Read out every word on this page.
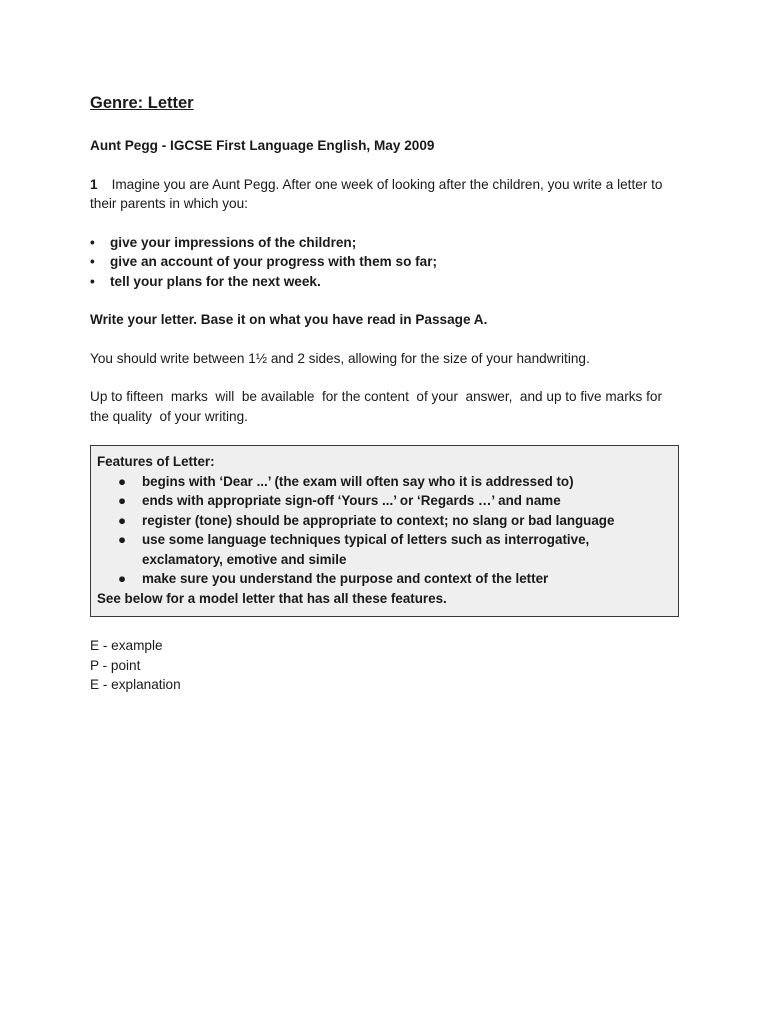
Genre: Letter
Aunt Pegg - IGCSE First Language English, May 2009
1 Imagine you are Aunt Pegg. After one week of looking after the children, you write a letter to their parents in which you:
• give your impressions of the children;
• give an account of your progress with them so far;
• tell your plans for the next week.
Write your letter. Base it on what you have read in Passage A.
You should write between 1½ and 2 sides, allowing for the size of your handwriting.
Up to fifteen  marks  will  be available  for the content  of your  answer,  and up to five marks for the quality  of your writing.
Features of Letter:
● begins with ‘Dear ...’ (the exam will often say who it is addressed to)
● ends with appropriate sign-off ‘Yours ...’ or ‘Regards …’ and name
● register (tone) should be appropriate to context; no slang or bad language
● use some language techniques typical of letters such as interrogative, exclamatory, emotive and simile
● make sure you understand the purpose and context of the letter
See below for a model letter that has all these features.
E - example
P - point
E - explanation
